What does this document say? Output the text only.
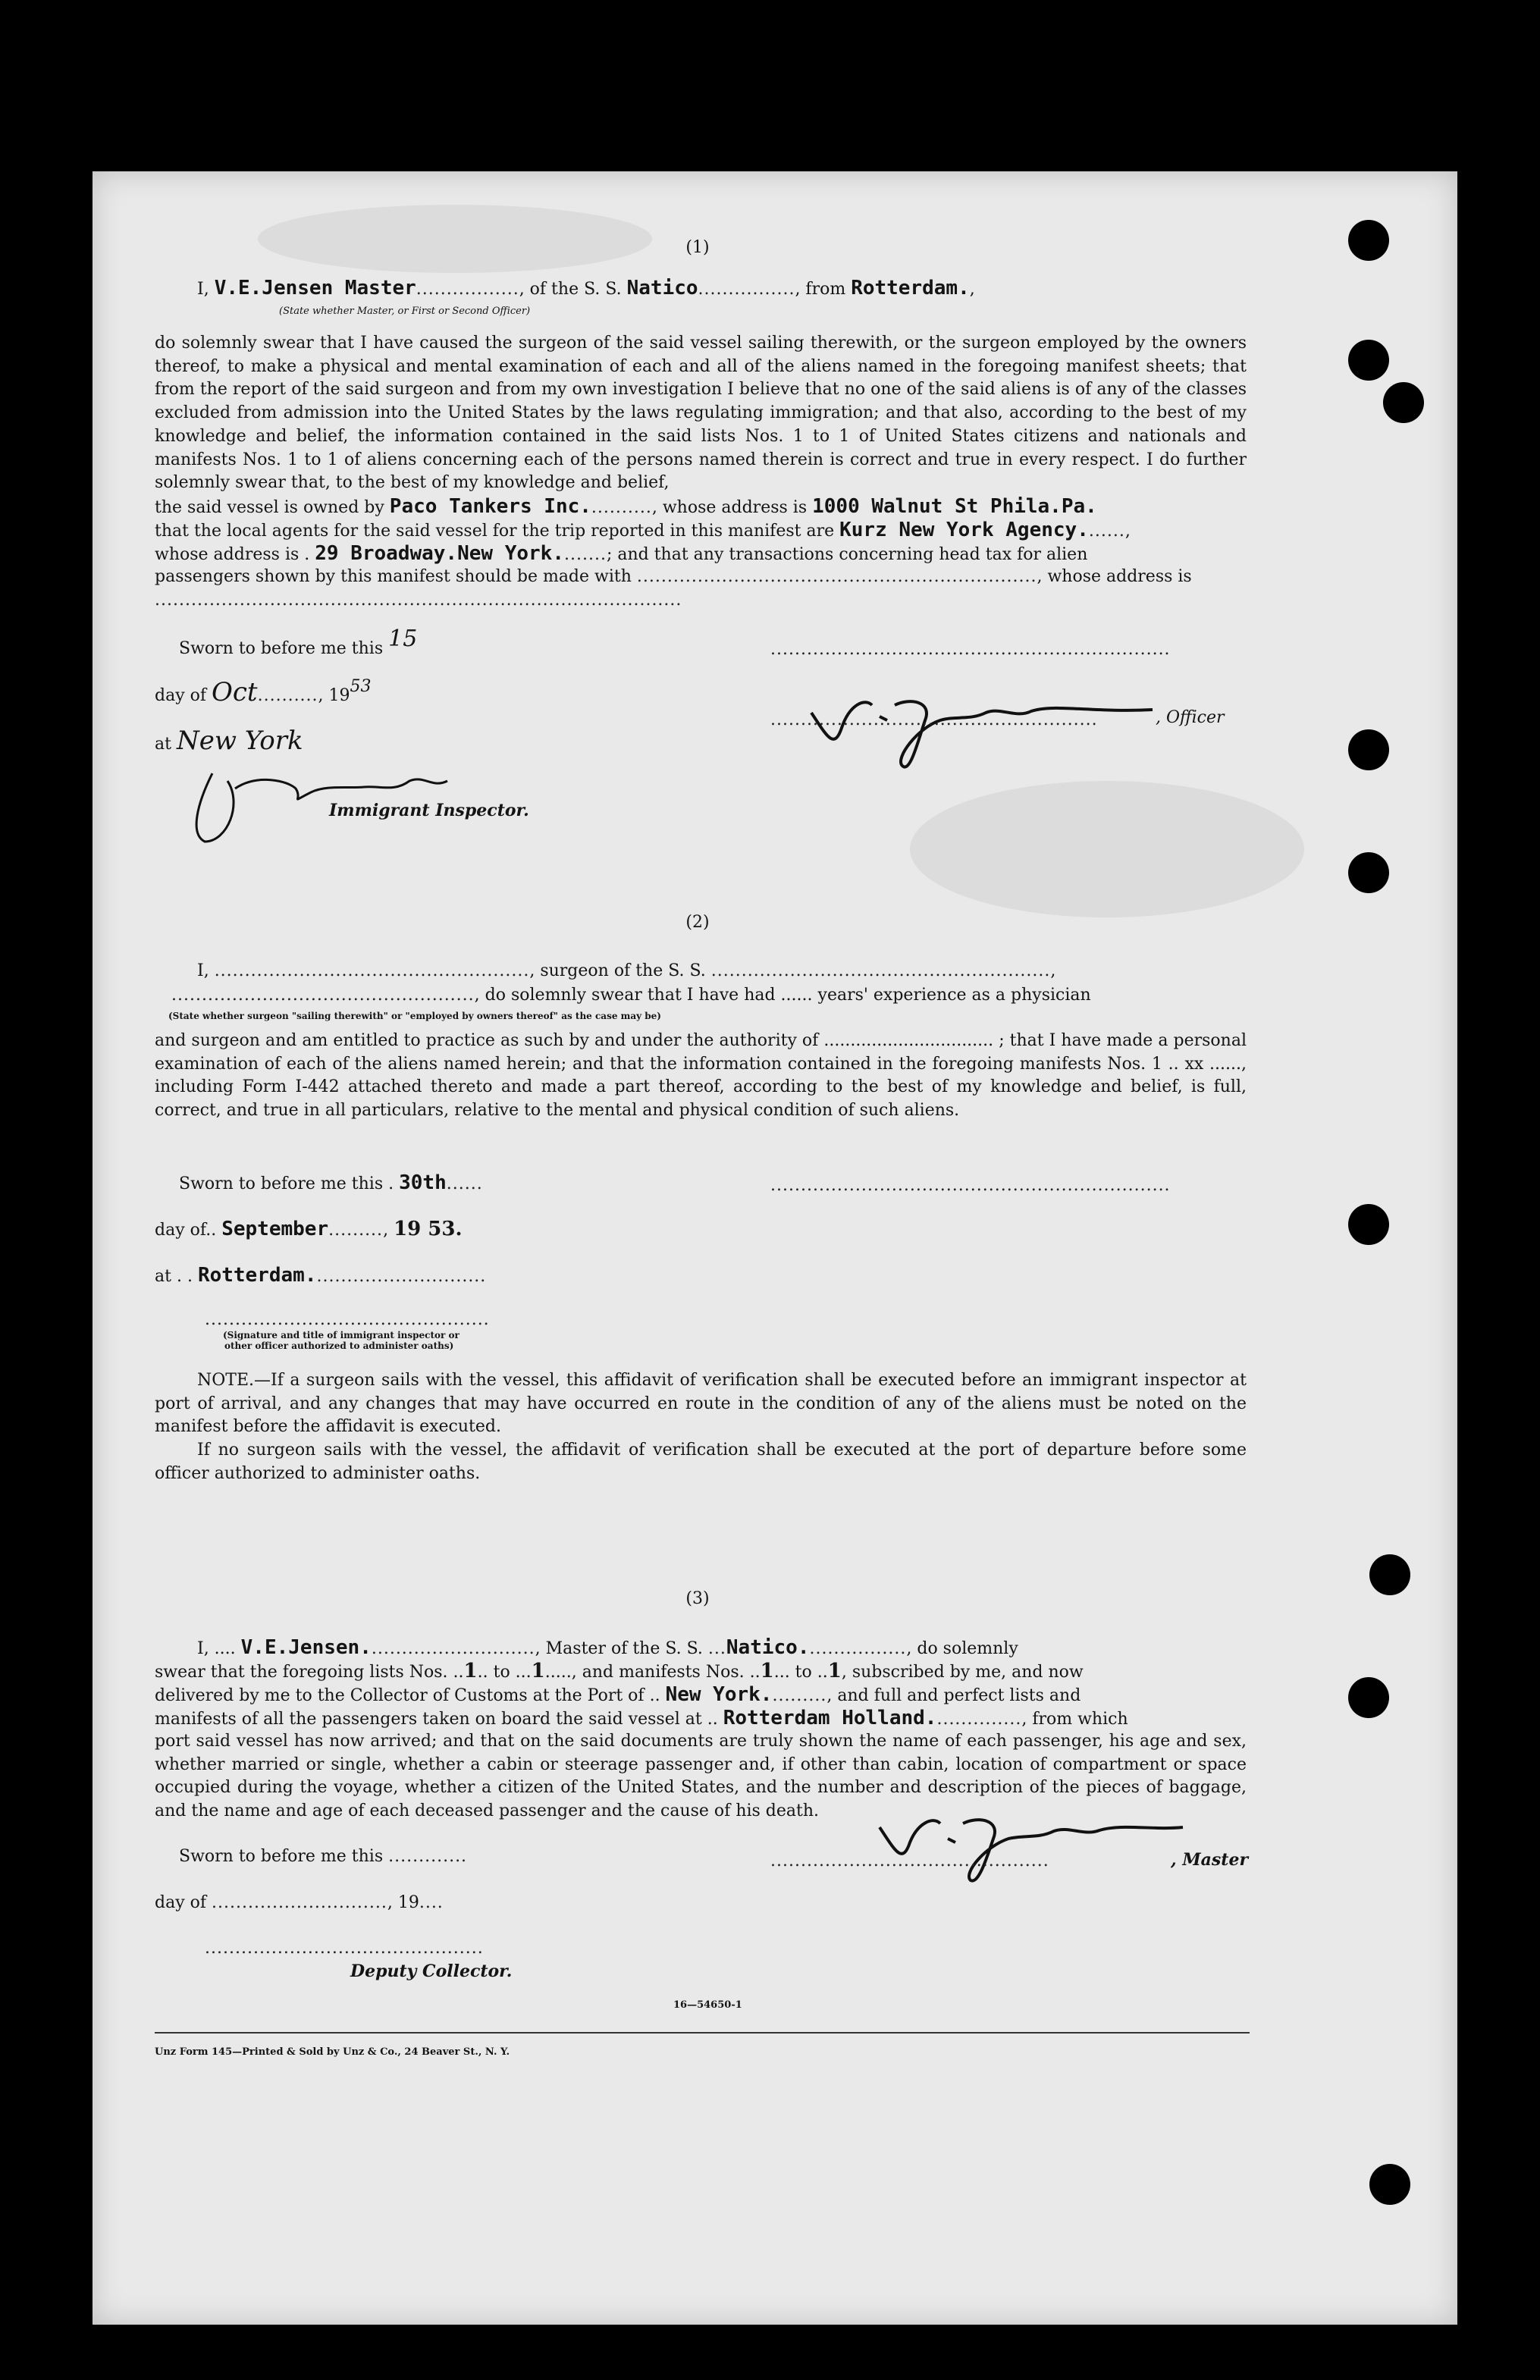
(1)
I, V.E.Jensen Master................., of the S. S. Natico................, from Rotterdam.,
(State whether Master, or First or Second Officer)

do solemnly swear that I have caused the surgeon of the said vessel sailing therewith, or the surgeon employed by the owners thereof, to make a physical and mental examination of each and all of the aliens named in the foregoing manifest sheets; that from the report of the said surgeon and from my own investigation I believe that no one of the said aliens is of any of the classes excluded from admission into the United States by the laws regulating immigration; and that also, according to the best of my knowledge and belief, the information contained in the said lists Nos. 1 to 1 of United States citizens and nationals and manifests Nos. 1 to 1 of aliens concerning each of the persons named therein is correct and true in every respect. I do further solemnly swear that, to the best of my knowledge and belief,

the said vessel is owned by Paco Tankers Inc..........., whose address is 1000 Walnut St Phila.Pa.
that the local agents for the said vessel for the trip reported in this manifest are Kurz New York Agency.......,
whose address is . 29 Broadway.New York........; and that any transactions concerning head tax for alien
passengers shown by this manifest should be made with .................................................................., whose address is
.......................................................................................
Sworn to before me this 15	..................................................................
day of Oct.........., 1953
at New York
Immigrant Inspector.
......................................................	, Officer
(2)
I, ...................................................., surgeon of the S. S. ........................................................,
.................................................., do solemnly swear that I have had ...... years' experience as a physician
(State whether surgeon "sailing therewith" or "employed by owners thereof" as the case may be)

and surgeon and am entitled to practice as such by and under the authority of ................................ ; that I have made a personal examination of each of the aliens named herein; and that the information contained in the foregoing manifests Nos. 1 .. xx ......, including Form I-442 attached thereto and made a part thereof, according to the best of my knowledge and belief, is full, correct, and true in all particulars, relative to the mental and physical condition of such aliens.

Sworn to before me this . 30th......	..................................................................
day of.. September........., 19 53.
at . . Rotterdam.............................
...............................................
(Signature and title of immigrant inspector or
other officer authorized to administer oaths)

NOTE.—If a surgeon sails with the vessel, this affidavit of verification shall be executed before an immigrant inspector at port of arrival, and any changes that may have occurred en route in the condition of any of the aliens must be noted on the manifest before the affidavit is executed.

If no surgeon sails with the vessel, the affidavit of verification shall be executed at the port of departure before some officer authorized to administer oaths.

(3)
I, .... V.E.Jensen............................, Master of the S. S. ...Natico................., do solemnly
swear that the foregoing lists Nos. ..1.. to ...1....., and manifests Nos. ..1... to ..1, subscribed by me, and now
delivered by me to the Collector of Customs at the Port of .. New York.........., and full and perfect lists and
manifests of all the passengers taken on board the said vessel at .. Rotterdam Holland..............., from which

port said vessel has now arrived; and that on the said documents are truly shown the name of each passenger, his age and sex, whether married or single, whether a cabin or steerage passenger and, if other than cabin, location of compartment or space occupied during the voyage, whether a citizen of the United States, and the number and description of the pieces of baggage, and the name and age of each deceased passenger and the cause of his death.

Sworn to before me this .............	..............................................	, Master
day of ............................., 19....
..............................................
Deputy Collector.
16—54650-1
Unz Form 145—Printed & Sold by Unz & Co., 24 Beaver St., N. Y.
